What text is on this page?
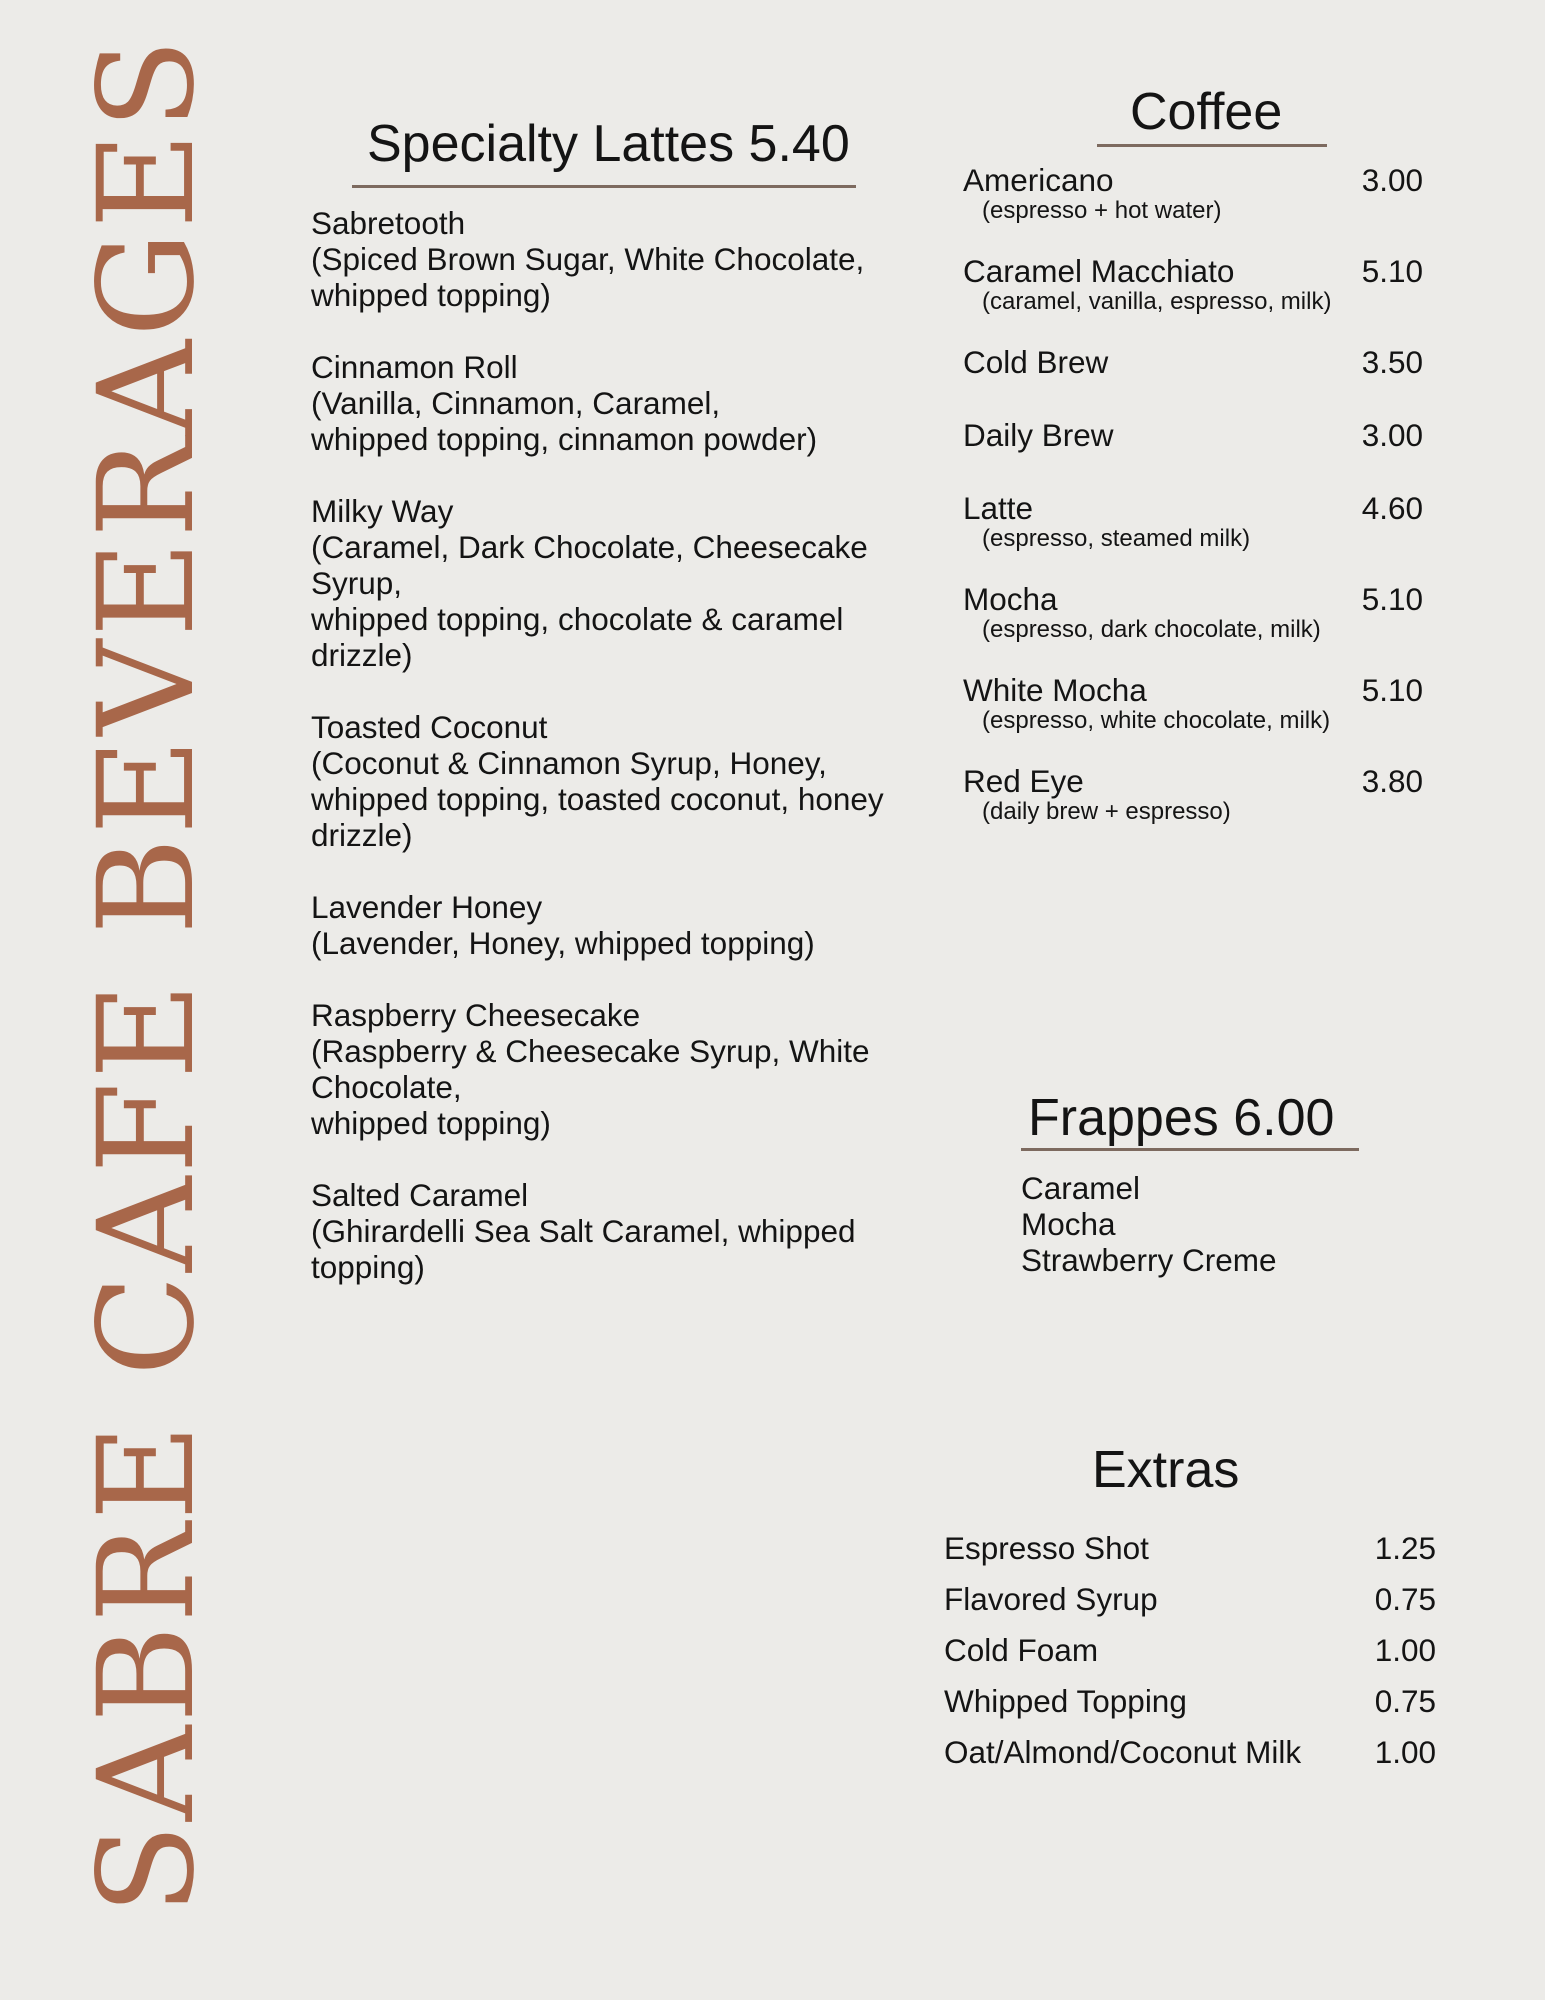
SABRE CAFE BEVERAGES	Specialty Lattes 5.40
Sabretooth
(Spiced Brown Sugar, White Chocolate,
whipped topping)
Cinnamon Roll
(Vanilla, Cinnamon, Caramel,
whipped topping, cinnamon powder)
Milky Way
(Caramel, Dark Chocolate, Cheesecake
Syrup,
whipped topping, chocolate & caramel
drizzle)
Toasted Coconut
(Coconut & Cinnamon Syrup, Honey,
whipped topping, toasted coconut, honey
drizzle)
Lavender Honey
(Lavender, Honey, whipped topping)
Raspberry Cheesecake
(Raspberry & Cheesecake Syrup, White
Chocolate,
whipped topping)
Salted Caramel
(Ghirardelli Sea Salt Caramel, whipped
topping)
Coffee
Americano	3.00
(espresso + hot water)
Caramel Macchiato	5.10
(caramel, vanilla, espresso, milk)
Cold Brew	3.50
Daily Brew	3.00
Latte	4.60
(espresso, steamed milk)
Mocha	5.10
(espresso, dark chocolate, milk)
White Mocha	5.10
(espresso, white chocolate, milk)
Red Eye	3.80
(daily brew + espresso)
Frappes 6.00
Caramel
Mocha
Strawberry Creme
Extras
Espresso Shot	1.25
Flavored Syrup	0.75
Cold Foam	1.00
Whipped Topping	0.75
Oat/Almond/Coconut Milk 1.00
